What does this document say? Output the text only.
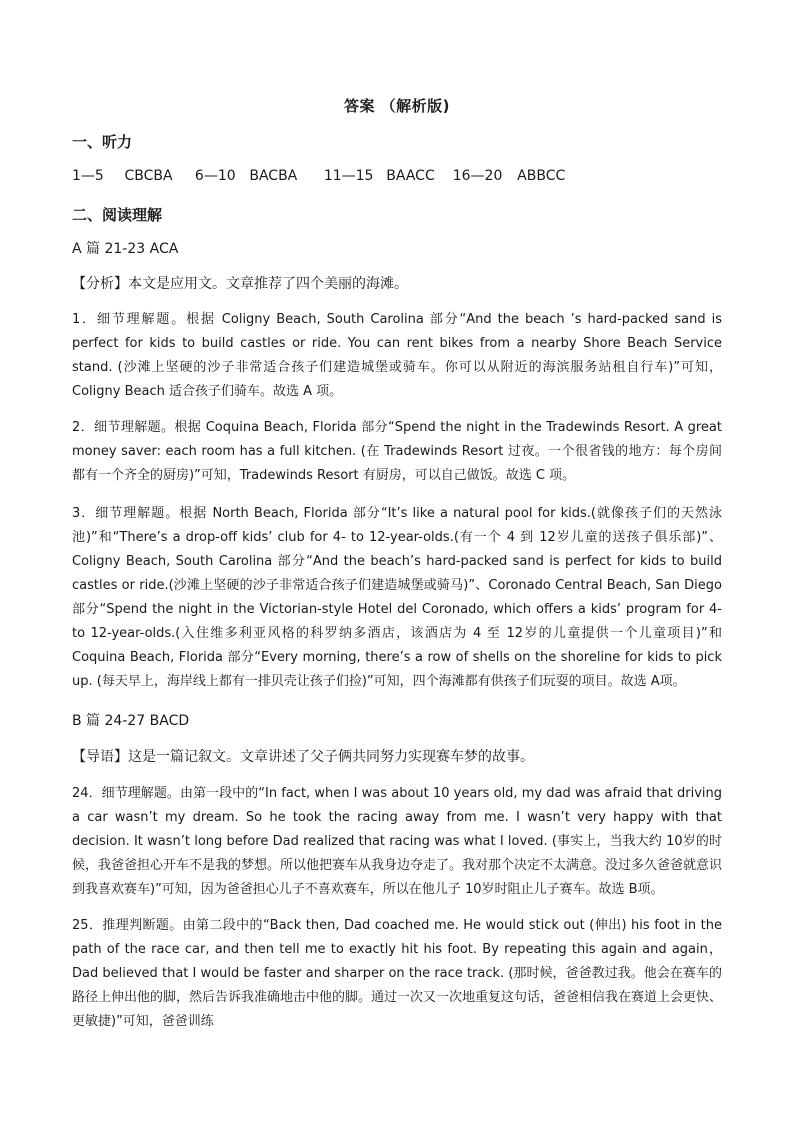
答案 （解析版)
一、听力
1—5 CBCBA 6—10 BACBA 11—15 BAACC 16—20 ABBCC
二、阅读理解
A 篇 21-23 ACA
【分析】本文是应用文。文章推荐了四个美丽的海滩。

1．细节理解题。根据 Coligny Beach, South Carolina 部分“And the beach ’s hard-packed sand is perfect for kids to build castles or ride. You can rent bikes from a nearby Shore Beach Service stand. (沙滩上坚硬的沙子非常适合孩子们建造城堡或骑车。你可以从附近的海滨服务站租自行车)”可知，Coligny Beach 适合孩子们骑车。故选 A 项。

2．细节理解题。根据 Coquina Beach, Florida 部分“Spend the night in the Tradewinds Resort. A great money saver: each room has a full kitchen. (在 Tradewinds Resort 过夜。一个很省钱的地方：每个房间都有一个齐全的厨房)”可知，Tradewinds Resort 有厨房，可以自己做饭。故选 C 项。

3．细节理解题。根据 North Beach, Florida 部分“It’s like a natural pool for kids.(就像孩子们的天然泳池)”和“There’s a drop-off kids’ club for 4- to 12-year-olds.(有一个 4 到 12岁儿童的送孩子俱乐部)”、Coligny Beach, South Carolina 部分“And the beach’s hard-packed sand is perfect for kids to build castles or ride.(沙滩上坚硬的沙子非常适合孩子们建造城堡或骑马)”、Coronado Central Beach, San Diego 部分“Spend the night in the Victorian-style Hotel del Coronado, which offers a kids’ program for 4- to 12-year-olds.(入住维多利亚风格的科罗纳多酒店，该酒店为 4 至 12岁的儿童提供一个儿童项目)”和 Coquina Beach, Florida 部分“Every morning, there’s a row of shells on the shoreline for kids to pick up. (每天早上，海岸线上都有一排贝壳让孩子们捡)”可知，四个海滩都有供孩子们玩耍的项目。故选 A项。

B 篇 24-27 BACD
【导语】这是一篇记叙文。文章讲述了父子俩共同努力实现赛车梦的故事。

24．细节理解题。由第一段中的“In fact, when I was about 10 years old, my dad was afraid that driving a car wasn’t my dream. So he took the racing away from me. I wasn’t very happy with that decision. It wasn’t long before Dad realized that racing was what I loved. (事实上，当我大约 10岁的时候，我爸爸担心开车不是我的梦想。所以他把赛车从我身边夺走了。我对那个决定不太满意。没过多久爸爸就意识到我喜欢赛车)”可知，因为爸爸担心儿子不喜欢赛车，所以在他儿子 10岁时阻止儿子赛车。故选 B项。

25．推理判断题。由第二段中的“Back then, Dad coached me. He would stick out (伸出) his foot in the path of the race car, and then tell me to exactly hit his foot. By repeating this again and again，Dad believed that I would be faster and sharper on the race track. (那时候，爸爸教过我。他会在赛车的路径上伸出他的脚，然后告诉我准确地击中他的脚。通过一次又一次地重复这句话，爸爸相信我在赛道上会更快、更敏捷)”可知，爸爸训练
